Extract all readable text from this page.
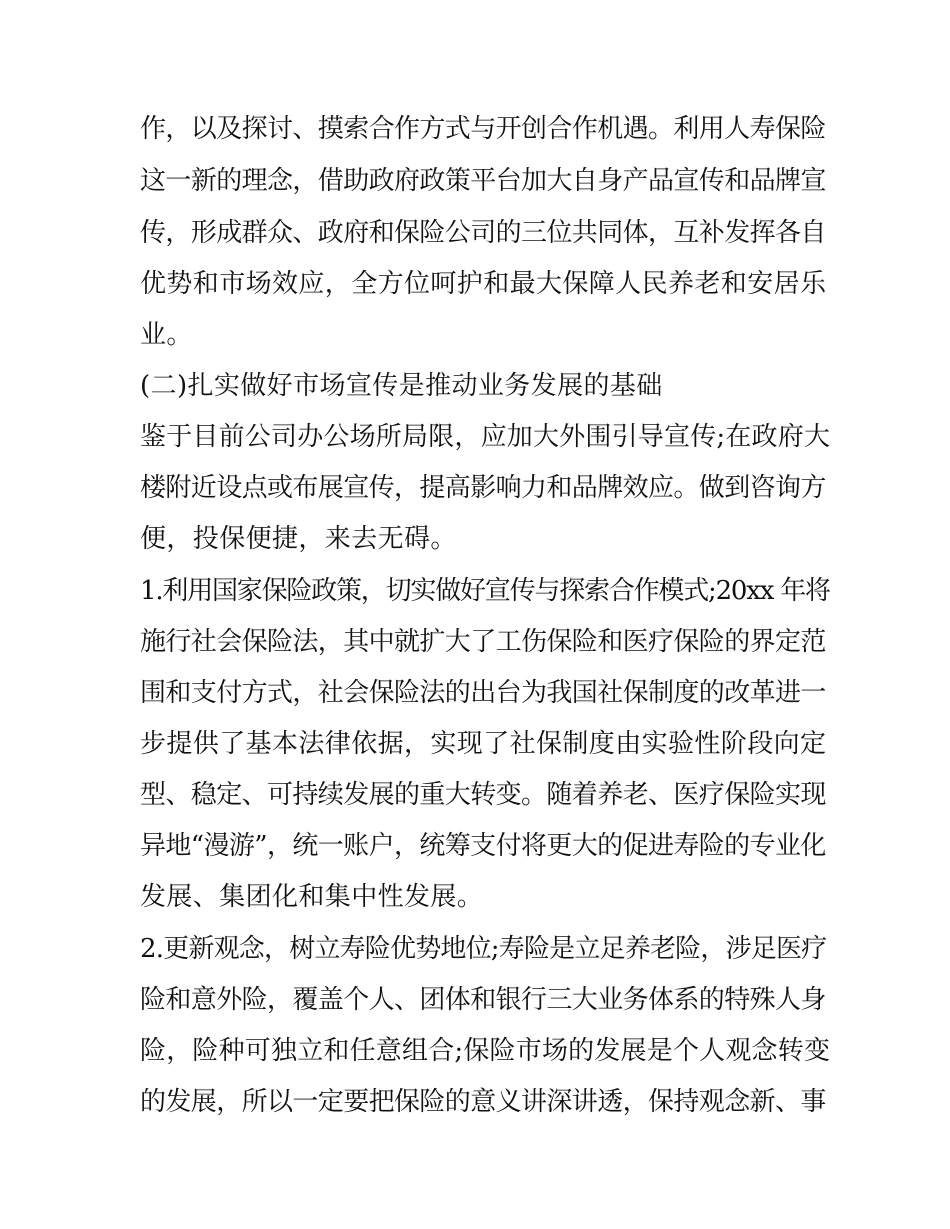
作，以及探讨、摸索合作方式与开创合作机遇。利用人寿保险
这一新的理念，借助政府政策平台加大自身产品宣传和品牌宣
传，形成群众、政府和保险公司的三位共同体，互补发挥各自
优势和市场效应，全方位呵护和最大保障人民养老和安居乐
业。
(二)扎实做好市场宣传是推动业务发展的基础
鉴于目前公司办公场所局限，应加大外围引导宣传;在政府大
楼附近设点或布展宣传，提高影响力和品牌效应。做到咨询方
便，投保便捷，来去无碍。
1.利用国家保险政策，切实做好宣传与探索合作模式;20xx 年将
施行社会保险法，其中就扩大了工伤保险和医疗保险的界定范
围和支付方式，社会保险法的出台为我国社保制度的改革进一
步提供了基本法律依据，实现了社保制度由实验性阶段向定
型、稳定、可持续发展的重大转变。随着养老、医疗保险实现
异地“漫游”，统一账户，统筹支付将更大的促进寿险的专业化
发展、集团化和集中性发展。
2.更新观念，树立寿险优势地位;寿险是立足养老险，涉足医疗
险和意外险，覆盖个人、团体和银行三大业务体系的特殊人身
险，险种可独立和任意组合;保险市场的发展是个人观念转变
的发展，所以一定要把保险的意义讲深讲透，保持观念新、事
